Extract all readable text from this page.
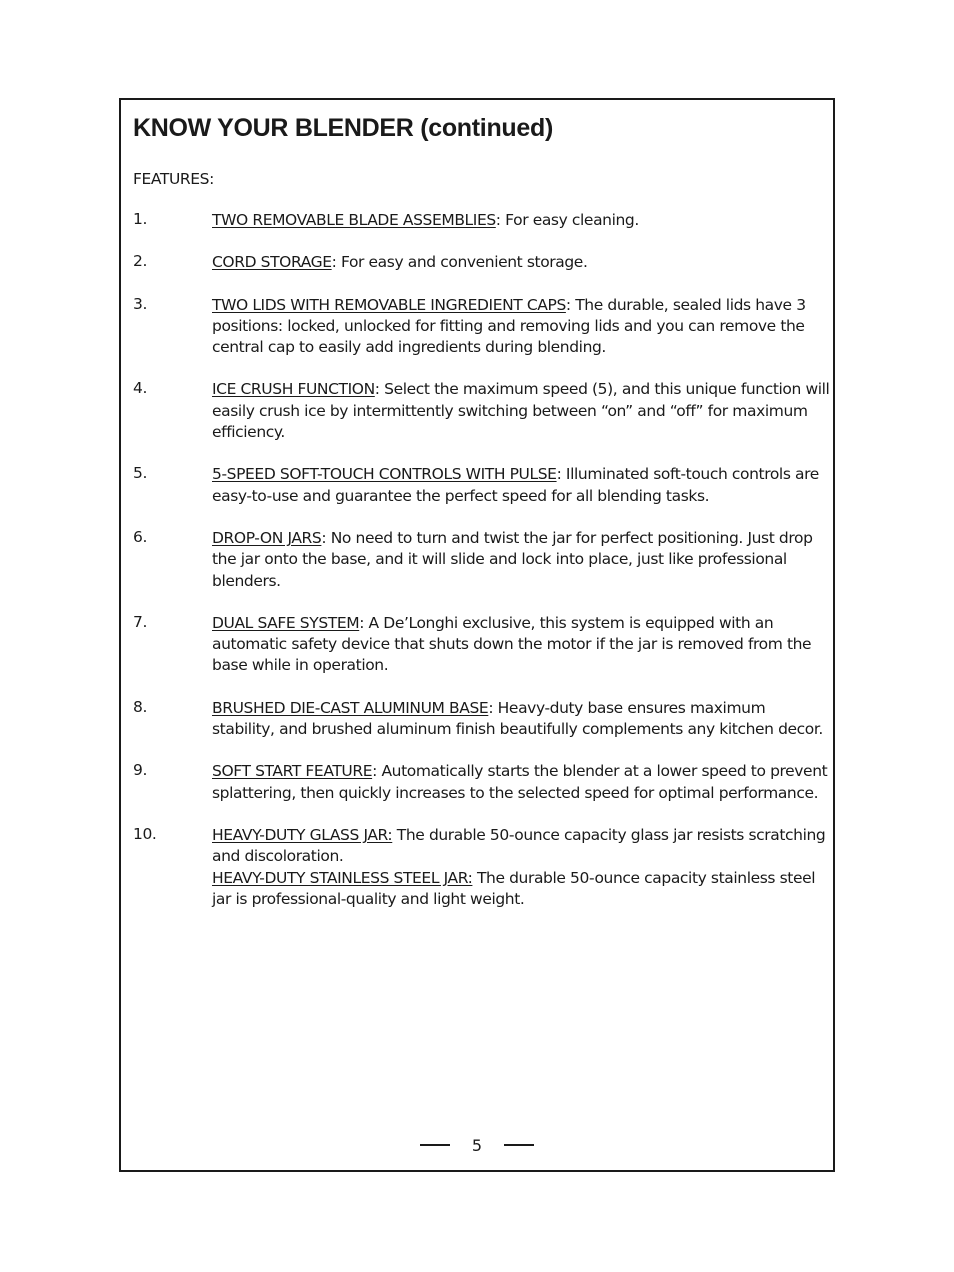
KNOW YOUR BLENDER (continued)
FEATURES:
1.	TWO REMOVABLE BLADE ASSEMBLIES: For easy cleaning.
2.	CORD STORAGE: For easy and convenient storage.
3.	TWO LIDS WITH REMOVABLE INGREDIENT CAPS: The durable, sealed lids have 3 positions: locked, unlocked for fitting and removing lids and you can remove the central cap to easily add ingredients during blending.
4.	ICE CRUSH FUNCTION: Select the maximum speed (5), and this unique function will easily crush ice by intermittently switching between “on” and “off” for maximum efficiency.
5.	5-SPEED SOFT-TOUCH CONTROLS WITH PULSE: Illuminated soft-touch controls are easy-to-use and guarantee the perfect speed for all blending tasks.
6.	DROP-ON JARS: No need to turn and twist the jar for perfect positioning. Just drop the jar onto the base, and it will slide and lock into place, just like professional blenders.
7.	DUAL SAFE SYSTEM: A De’Longhi exclusive, this system is equipped with an automatic safety device that shuts down the motor if the jar is removed from the base while in operation.
8.	BRUSHED DIE-CAST ALUMINUM BASE: Heavy-duty base ensures maximum stability, and brushed aluminum finish beautifully complements any kitchen decor.
9.	SOFT START FEATURE: Automatically starts the blender at a lower speed to prevent splattering, then quickly increases to the selected speed for optimal performance.
10.	HEAVY-DUTY GLASS JAR: The durable 50-ounce capacity glass jar resists scratching and discoloration.
HEAVY-DUTY STAINLESS STEEL JAR: The durable 50-ounce capacity stainless steel jar is professional-quality and light weight.
5
